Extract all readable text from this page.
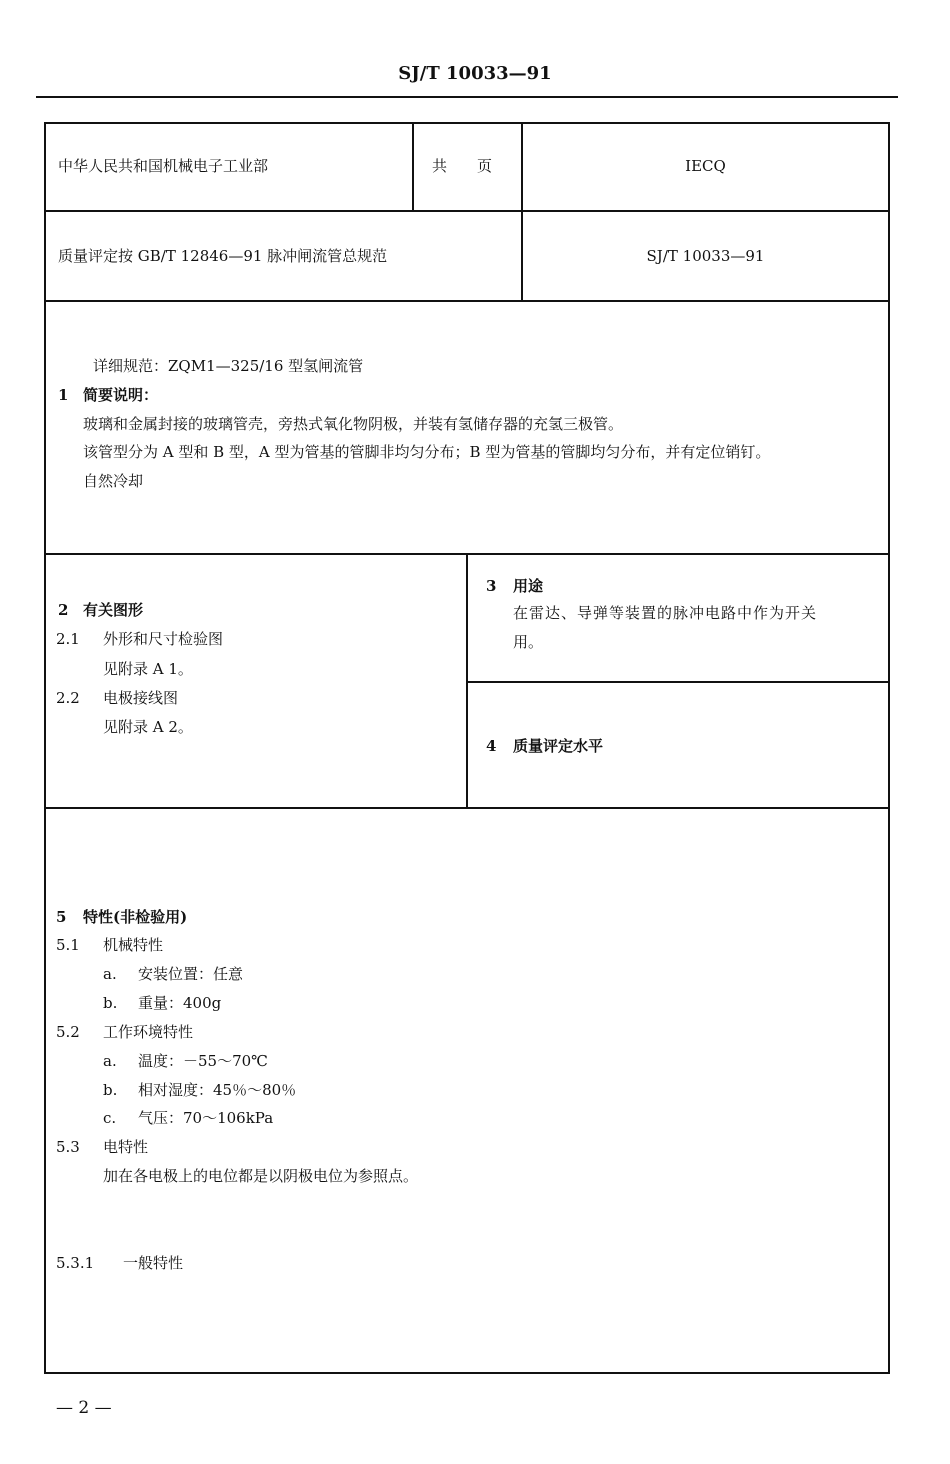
SJ/T 10033—91
中华人民共和国机械电子工业部	共　　页	IECQ
质量评定按 GB/T 12846—91 脉冲闸流管总规范	SJ/T 10033—91
详细规范：ZQM1—325/16 型氢闸流管
1 简要说明：
玻璃和金属封接的玻璃管壳，旁热式氧化物阴极，并装有氢储存器的充氢三极管。
该管型分为 A 型和 B 型，A 型为管基的管脚非均匀分布；B 型为管基的管脚均匀分布，并有定位销钉。
自然冷却
2 有关图形
2.1 外形和尺寸检验图
见附录 A 1。
2.2 电极接线图
见附录 A 2。
3 用途
在雷达、导弹等装置的脉冲电路中作为开关
用。
4 质量评定水平
5 特性(非检验用)
5.1 机械特性
a. 安装位置：任意
b. 重量：400g
5.2 工作环境特性
a. 温度：－55～70℃
b. 相对湿度：45％～80％
c. 气压：70～106kPa
5.3 电特性
加在各电极上的电位都是以阴极电位为参照点。
5.3.1 一般特性
— 2 —
